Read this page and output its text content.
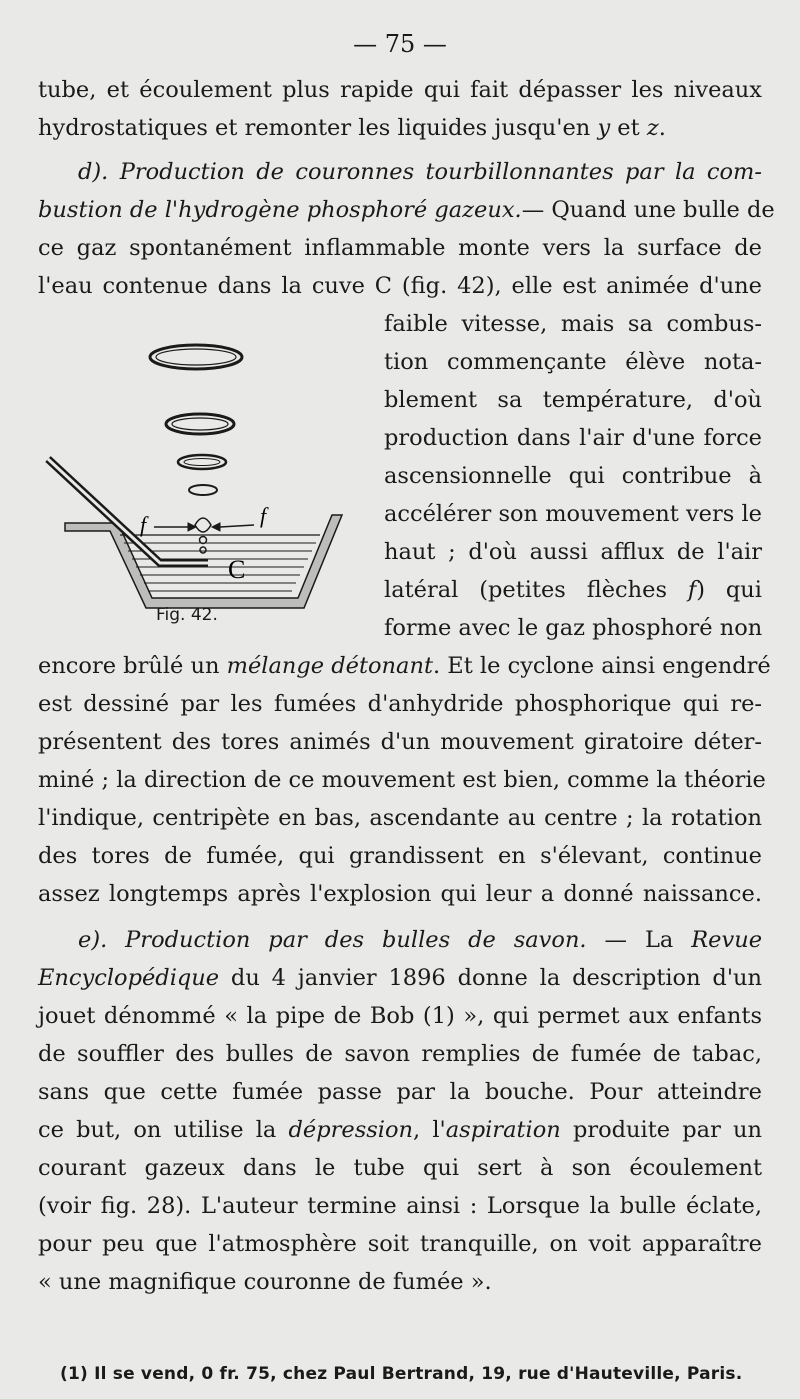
— 75 —
tube, et écoulement plus rapide qui fait dépasser les niveaux
hydrostatiques et remonter les liquides jusqu'en y et z.
d). Production de couronnes tourbillonnantes par la com-
bustion de l'hydrogène phosphoré gazeux.— Quand une bulle de
ce gaz spontanément inflammable monte vers la surface de
l'eau contenue dans la cuve C (fig. 42), elle est animée d'une
faible vitesse, mais sa combus-
tion commençante élève nota-
blement sa température, d'où
production dans l'air d'une force
ascensionnelle qui contribue à
accélérer son mouvement vers le
haut ; d'où aussi afflux de l'air
latéral (petites flèches f) qui
forme avec le gaz phosphoré non
encore brûlé un mélange détonant. Et le cyclone ainsi engendré
est dessiné par les fumées d'anhydride phosphorique qui re-
présentent des tores animés d'un mouvement giratoire déter-
miné ; la direction de ce mouvement est bien, comme la théorie
l'indique, centripète en bas, ascendante au centre ; la rotation
des tores de fumée, qui grandissent en s'élevant, continue
assez longtemps après l'explosion qui leur a donné naissance.
e). Production par des bulles de savon. — La Revue
Encyclopédique du 4 janvier 1896 donne la description d'un
jouet dénommé « la pipe de Bob (1) », qui permet aux enfants
de souffler des bulles de savon remplies de fumée de tabac,
sans que cette fumée passe par la bouche. Pour atteindre
ce but, on utilise la dépression, l'aspiration produite par un
courant gazeux dans le tube qui sert à son écoulement
(voir fig. 28). L'auteur termine ainsi : Lorsque la bulle éclate,
pour peu que l'atmosphère soit tranquille, on voit apparaître
« une magnifique couronne de fumée ».
f	f
C
Fig. 42.
(1) Il se vend, 0 fr. 75, chez Paul Bertrand, 19, rue d'Hauteville, Paris.
